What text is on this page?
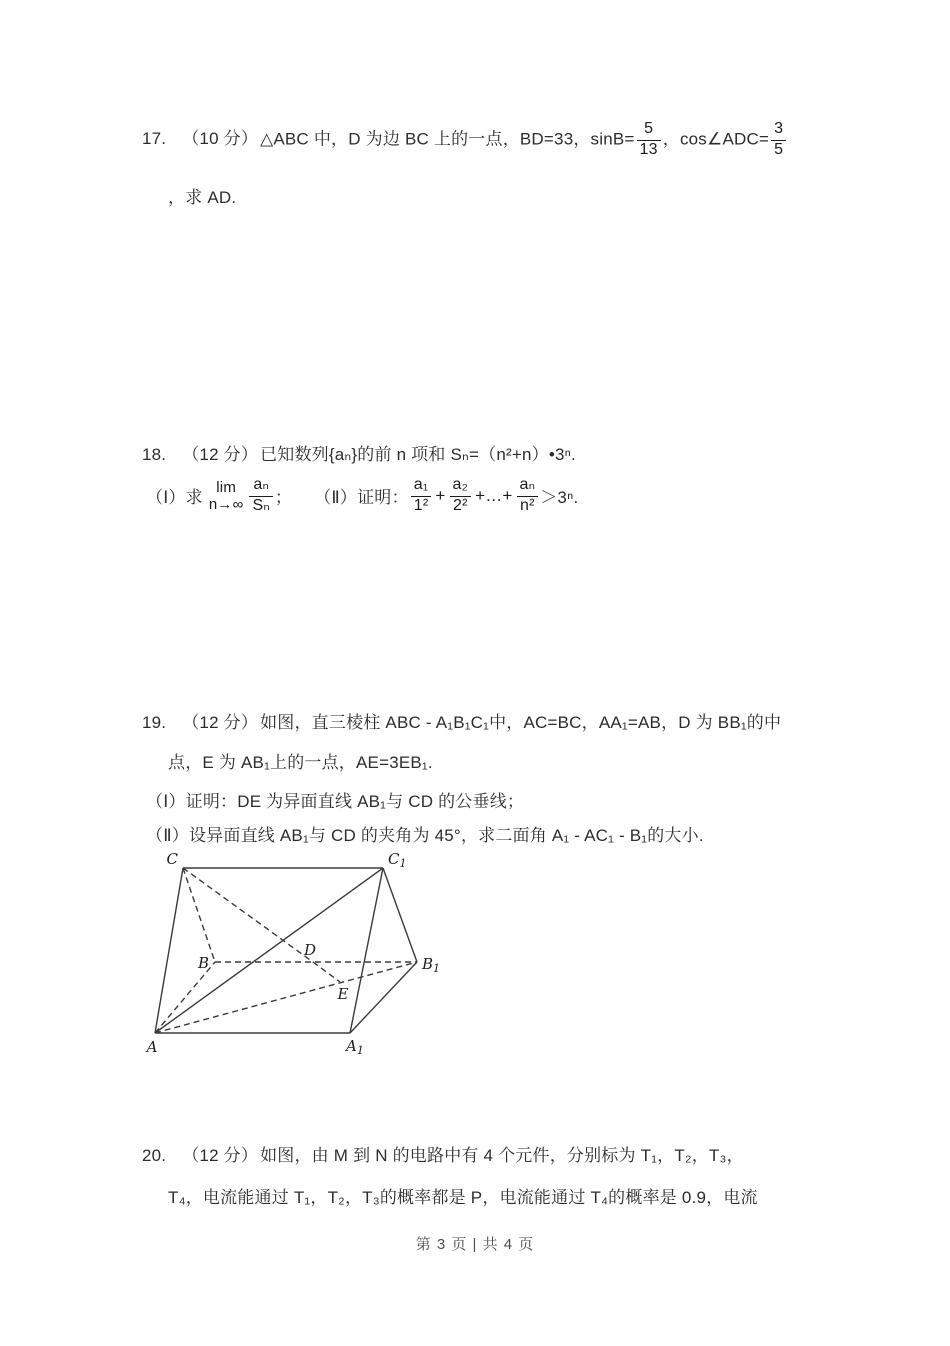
17. （10 分） △ABC 中，D 为边 BC 上的一点，BD=33，$\sin B= \frac{5}{13}$ ，cos∠ADC= $\frac{3}{5}$
，求 AD.
18. （12 分） 已知数列{aₙ}的前 n 项和 Sₙ=（n²+n）•3ⁿ.
（Ⅰ）求
lim
$n\to\infty \frac{\text{aₙ}}{\text{Sₙ}}$ ； （Ⅱ）证明： $\frac{\text{a₁}}{\text{1²}} + \frac{\text{a₂}}{\text{2²}}$ +…+ $\frac{\text{aₙ}}{\text{n²}} >3^n$.
19. （12 分） 如图，直三棱柱 ABC - A₁B₁C₁中，AC=BC，AA₁=AB，D 为 BB₁的中
点，E 为 AB₁上的一点，AE=3EB₁.
（Ⅰ）证明：DE 为异面直线 AB₁与 CD 的公垂线；
（Ⅱ）设异面直线 AB₁与 CD 的夹角为 45°，求二面角 A₁ - AC₁ - B₁的大小.
C	$C_1$
B	$B_1$
D
E
A	$A_1$
20. （12 分） 如图，由 M 到 N 的电路中有 4 个元件，分别标为 T₁，T₂，T₃，
T₄，电流能通过 T₁，T₂，T₃的概率都是 P，电流能通过 T₄的概率是 0.9，电流
第 3 页 | 共 4 页
